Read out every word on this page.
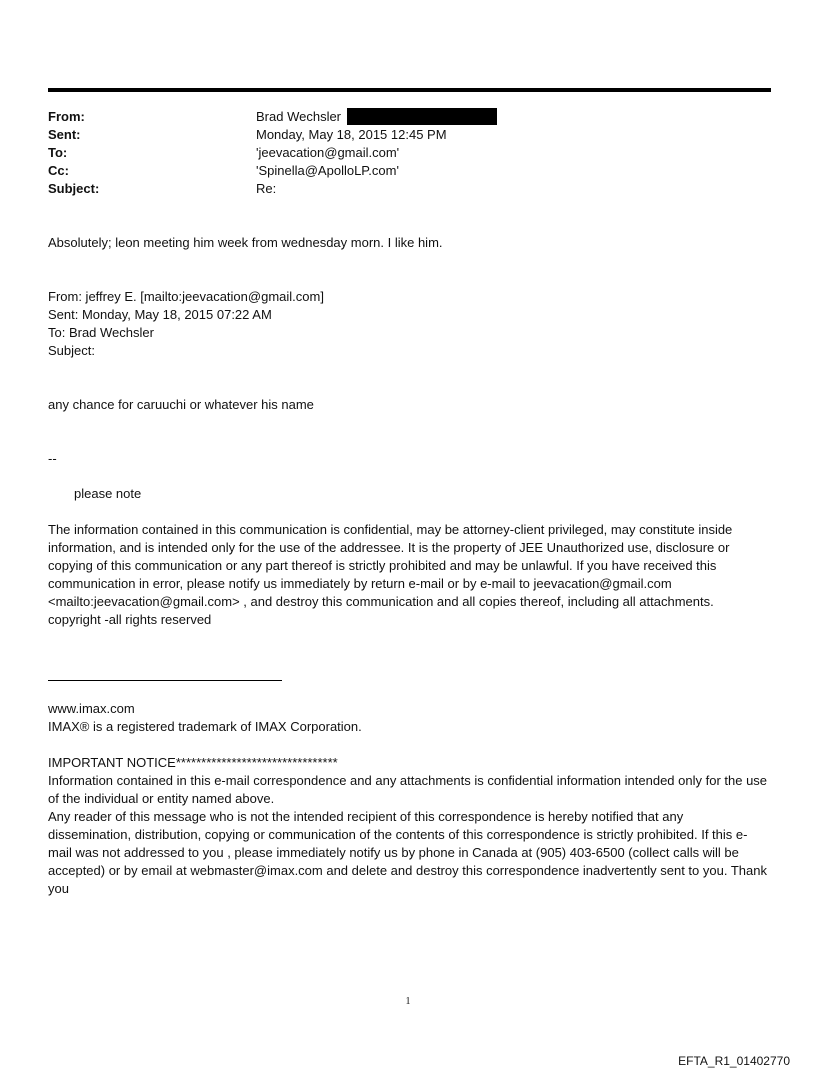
From:	Brad Wechsler
Sent:	Monday, May 18, 2015 12:45 PM
To:	'jeevacation@gmail.com'
Cc:	'Spinella@ApolloLP.com'
Subject:	Re:

Absolutely; leon meeting him week from wednesday morn. I like him.

From: jeffrey E. [mailto:jeevacation@gmail.com]

Sent: Monday, May 18, 2015 07:22 AM

To: Brad Wechsler

Subject:

any chance for caruuchi or whatever his name

--

please note

The information contained in this communication is confidential, may be attorney-client privileged, may constitute inside information, and is intended only for the use of the addressee. It is the property of JEE Unauthorized use, disclosure or copying of this communication or any part thereof is strictly prohibited and may be unlawful. If you have received this communication in error, please notify us immediately by return e-mail or by e-mail to jeevacation@gmail.com <mailto:jeevacation@gmail.com> , and destroy this communication and all copies thereof, including all attachments. copyright -all rights reserved

www.imax.com

IMAX® is a registered trademark of IMAX Corporation.

IMPORTANT NOTICE********************************

Information contained in this e-mail correspondence and any attachments is confidential information intended only for the use of the individual or entity named above.

Any reader of this message who is not the intended recipient of this correspondence is hereby notified that any dissemination, distribution, copying or communication of the contents of this correspondence is strictly prohibited. If this e-mail was not addressed to you , please immediately notify us by phone in Canada at (905) 403-6500 (collect calls will be accepted) or by email at webmaster@imax.com and delete and destroy this correspondence inadvertently sent to you. Thank you

1
EFTA_R1_01402770
